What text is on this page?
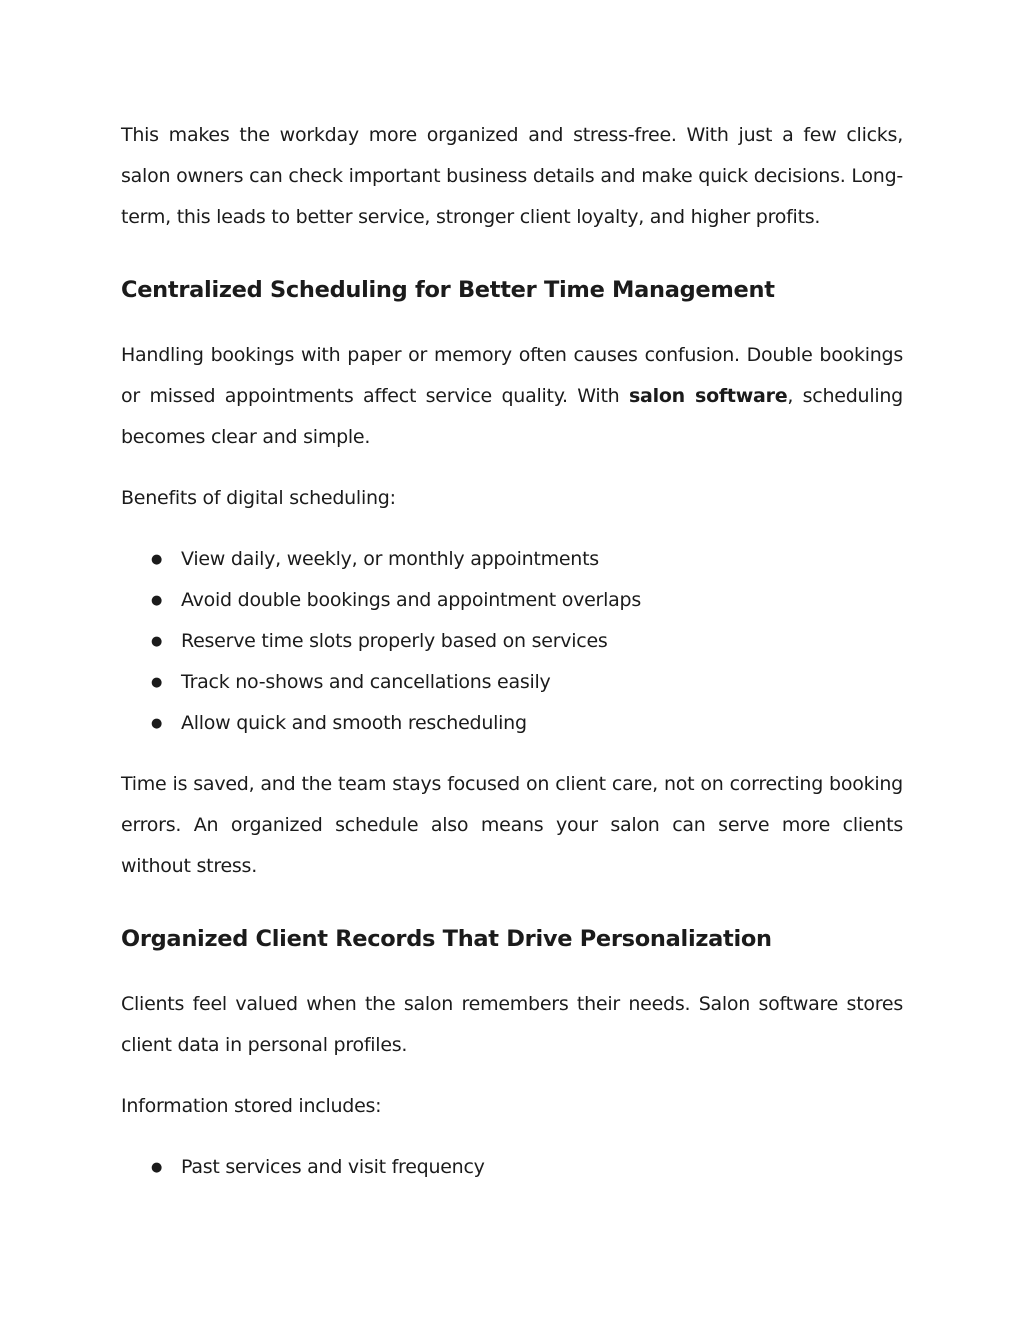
This makes the workday more organized and stress-free. With just a few clicks, salon owners can check important business details and make quick decisions. Long-term, this leads to better service, stronger client loyalty, and higher profits.

Centralized Scheduling for Better Time Management

Handling bookings with paper or memory often causes confusion. Double bookings or missed appointments affect service quality. With salon software, scheduling becomes clear and simple.

Benefits of digital scheduling:

● View daily, weekly, or monthly appointments
● Avoid double bookings and appointment overlaps
● Reserve time slots properly based on services
● Track no-shows and cancellations easily
● Allow quick and smooth rescheduling

Time is saved, and the team stays focused on client care, not on correcting booking errors. An organized schedule also means your salon can serve more clients without stress.

Organized Client Records That Drive Personalization

Clients feel valued when the salon remembers their needs. Salon software stores client data in personal profiles.

Information stored includes:

● Past services and visit frequency
